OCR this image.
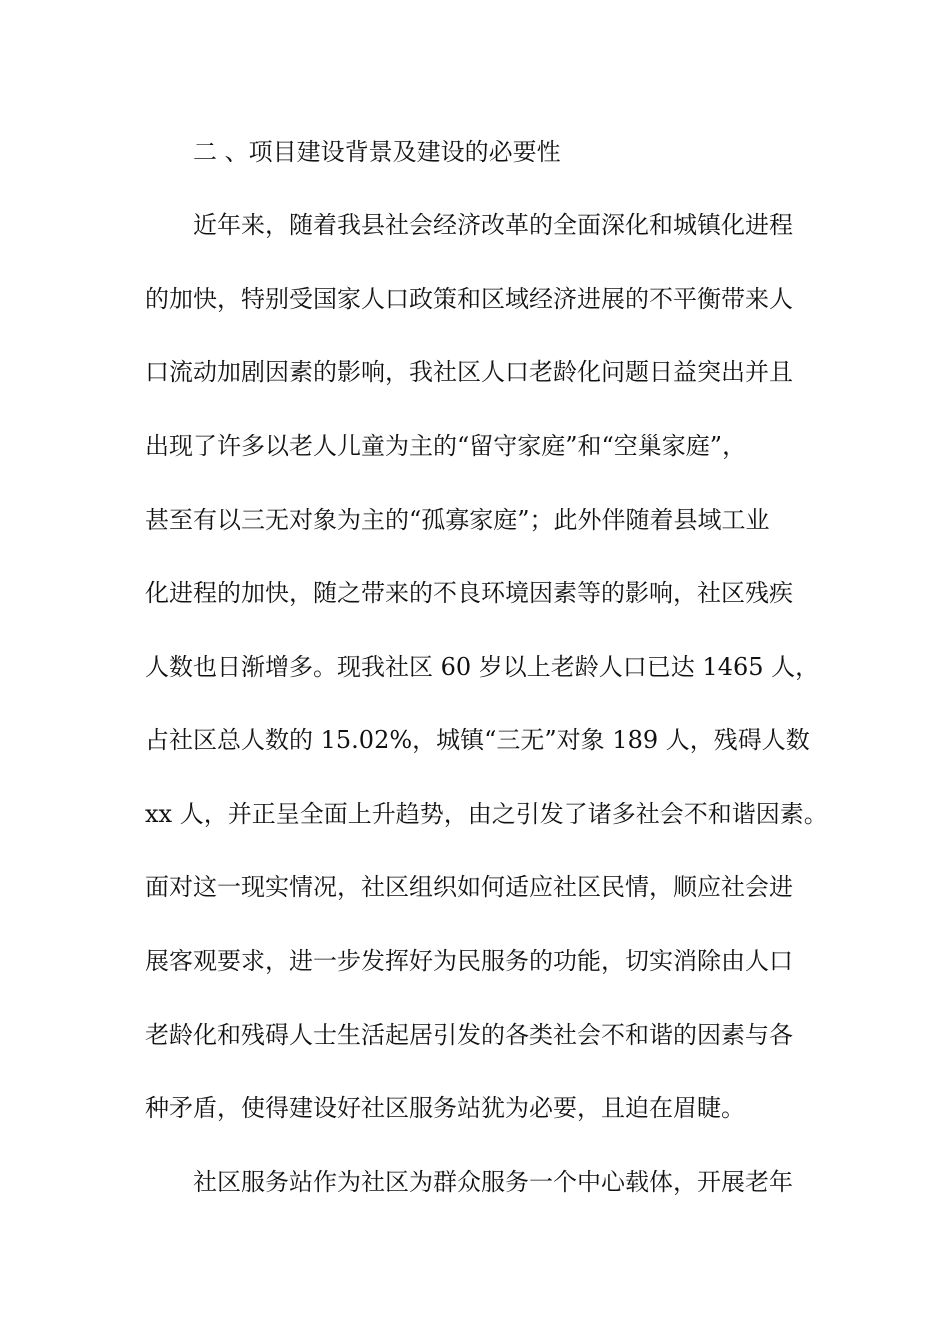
二 、项目建设背景及建设的必要性

近年来，随着我县社会经济改革的全面深化和城镇化进程

的加快，特别受国家人口政策和区域经济进展的不平衡带来人

口流动加剧因素的影响，我社区人口老龄化问题日益突出并且

出现了许多以老人儿童为主的“留守家庭”和“空巢家庭”，

甚至有以三无对象为主的“孤寡家庭”；此外伴随着县域工业

化进程的加快，随之带来的不良环境因素等的影响，社区残疾

人数也日渐增多。现我社区 60 岁以上老龄人口已达 1465 人，

占社区总人数的 15.02%，城镇“三无”对象 189 人，残碍人数

xx 人，并正呈全面上升趋势，由之引发了诸多社会不和谐因素。

面对这一现实情况，社区组织如何适应社区民情，顺应社会进

展客观要求，进一步发挥好为民服务的功能，切实消除由人口

老龄化和残碍人士生活起居引发的各类社会不和谐的因素与各

种矛盾，使得建设好社区服务站犹为必要，且迫在眉睫。

社区服务站作为社区为群众服务一个中心载体，开展老年
